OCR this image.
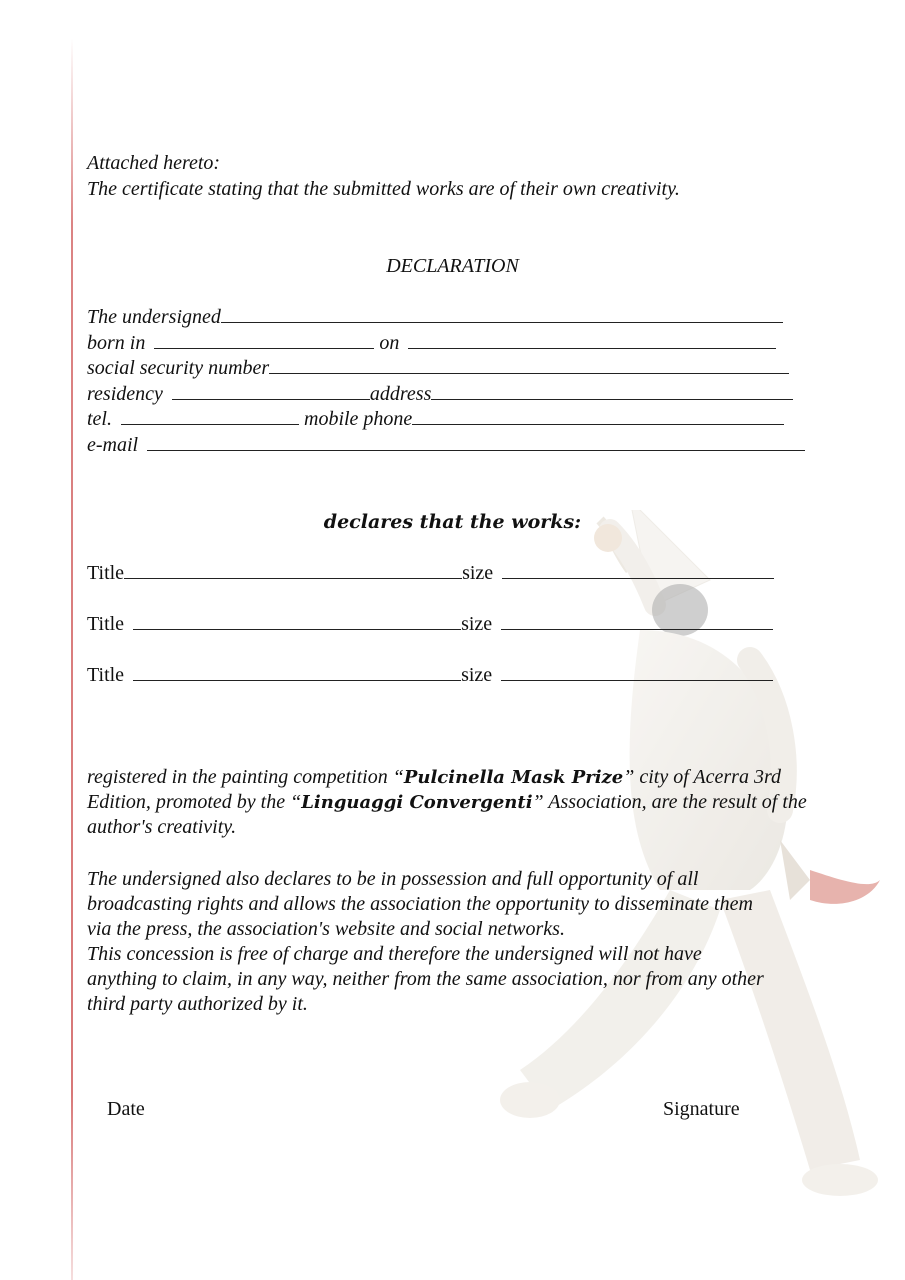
Attached hereto:
The certificate stating that the submitted works are of their own creativity.
DECLARATION
The undersigned
born in	on
social security number
residency	address
tel.	mobile phone
e-mail
declares that the works:
Title	size
Title	size
Title	size
registered in the painting competition “Pulcinella Mask Prize” city of Acerra 3rd
Edition, promoted by the “Linguaggi Convergenti” Association, are the result of the
author's creativity.
The undersigned also declares to be in possession and full opportunity of all
broadcasting rights and allows the association the opportunity to disseminate them
via the press, the association's website and social networks.
This concession is free of charge and therefore the undersigned will not have
anything to claim, in any way, neither from the same association, nor from any other
third party authorized by it.
Date	Signature
